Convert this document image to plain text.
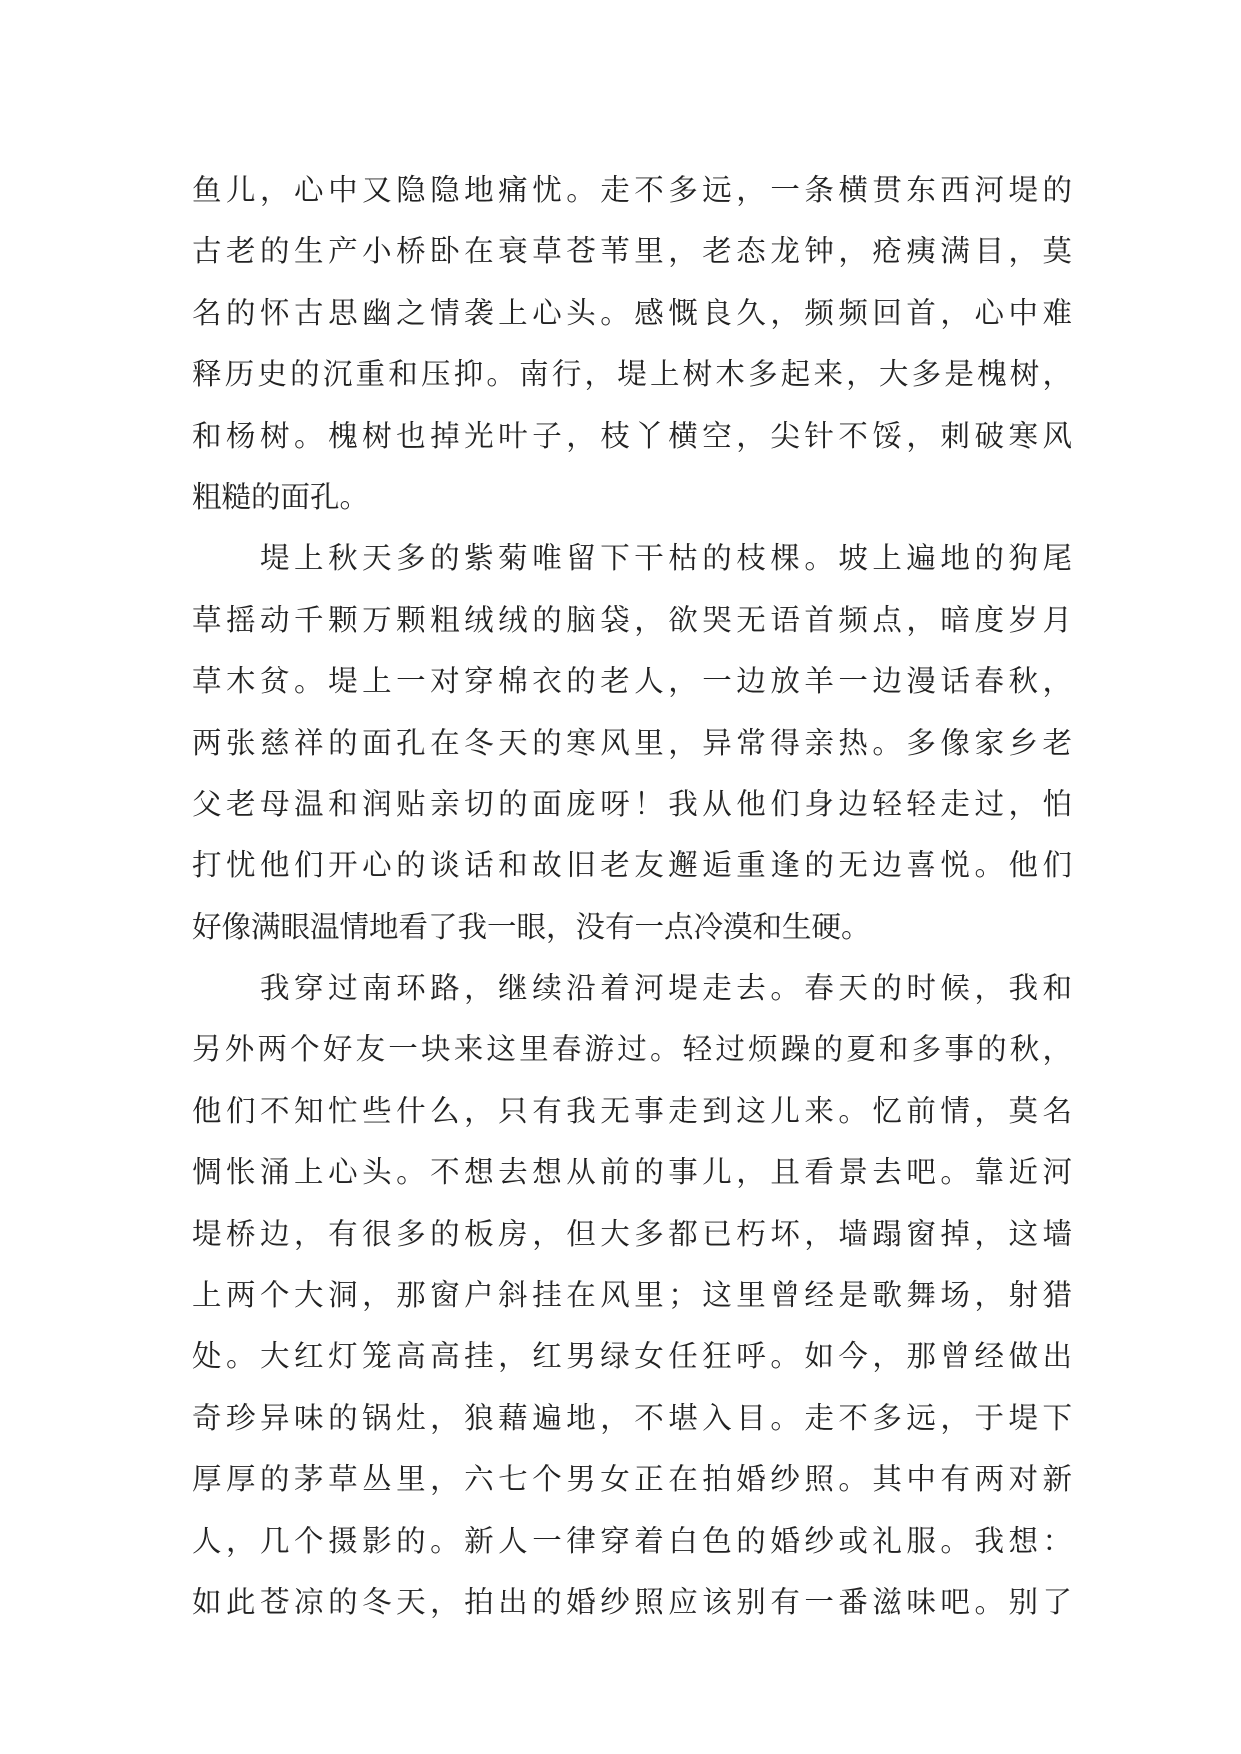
鱼儿，心中又隐隐地痛忧。走不多远，一条横贯东西河堤的
古老的生产小桥卧在衰草苍苇里，老态龙钟，疮痍满目，莫
名的怀古思幽之情袭上心头。感慨良久，频频回首，心中难
释历史的沉重和压抑。南行，堤上树木多起来，大多是槐树，
和杨树。槐树也掉光叶子，枝丫横空，尖针不馁，刺破寒风
粗糙的面孔。

　　堤上秋天多的紫菊唯留下干枯的枝棵。坡上遍地的狗尾
草摇动千颗万颗粗绒绒的脑袋，欲哭无语首频点，暗度岁月
草木贫。堤上一对穿棉衣的老人，一边放羊一边漫话春秋，
两张慈祥的面孔在冬天的寒风里，异常得亲热。多像家乡老
父老母温和润贴亲切的面庞呀！我从他们身边轻轻走过，怕
打忧他们开心的谈话和故旧老友邂逅重逢的无边喜悦。他们
好像满眼温情地看了我一眼，没有一点冷漠和生硬。

　　我穿过南环路，继续沿着河堤走去。春天的时候，我和
另外两个好友一块来这里春游过。轻过烦躁的夏和多事的秋，
他们不知忙些什么，只有我无事走到这儿来。忆前情，莫名
惆怅涌上心头。不想去想从前的事儿，且看景去吧。靠近河
堤桥边，有很多的板房，但大多都已朽坏，墙蹋窗掉，这墙
上两个大洞，那窗户斜挂在风里；这里曾经是歌舞场，射猎
处。大红灯笼高高挂，红男绿女任狂呼。如今，那曾经做出
奇珍异味的锅灶，狼藉遍地，不堪入目。走不多远，于堤下
厚厚的茅草丛里，六七个男女正在拍婚纱照。其中有两对新
人，几个摄影的。新人一律穿着白色的婚纱或礼服。我想：
如此苍凉的冬天，拍出的婚纱照应该别有一番滋味吧。别了
